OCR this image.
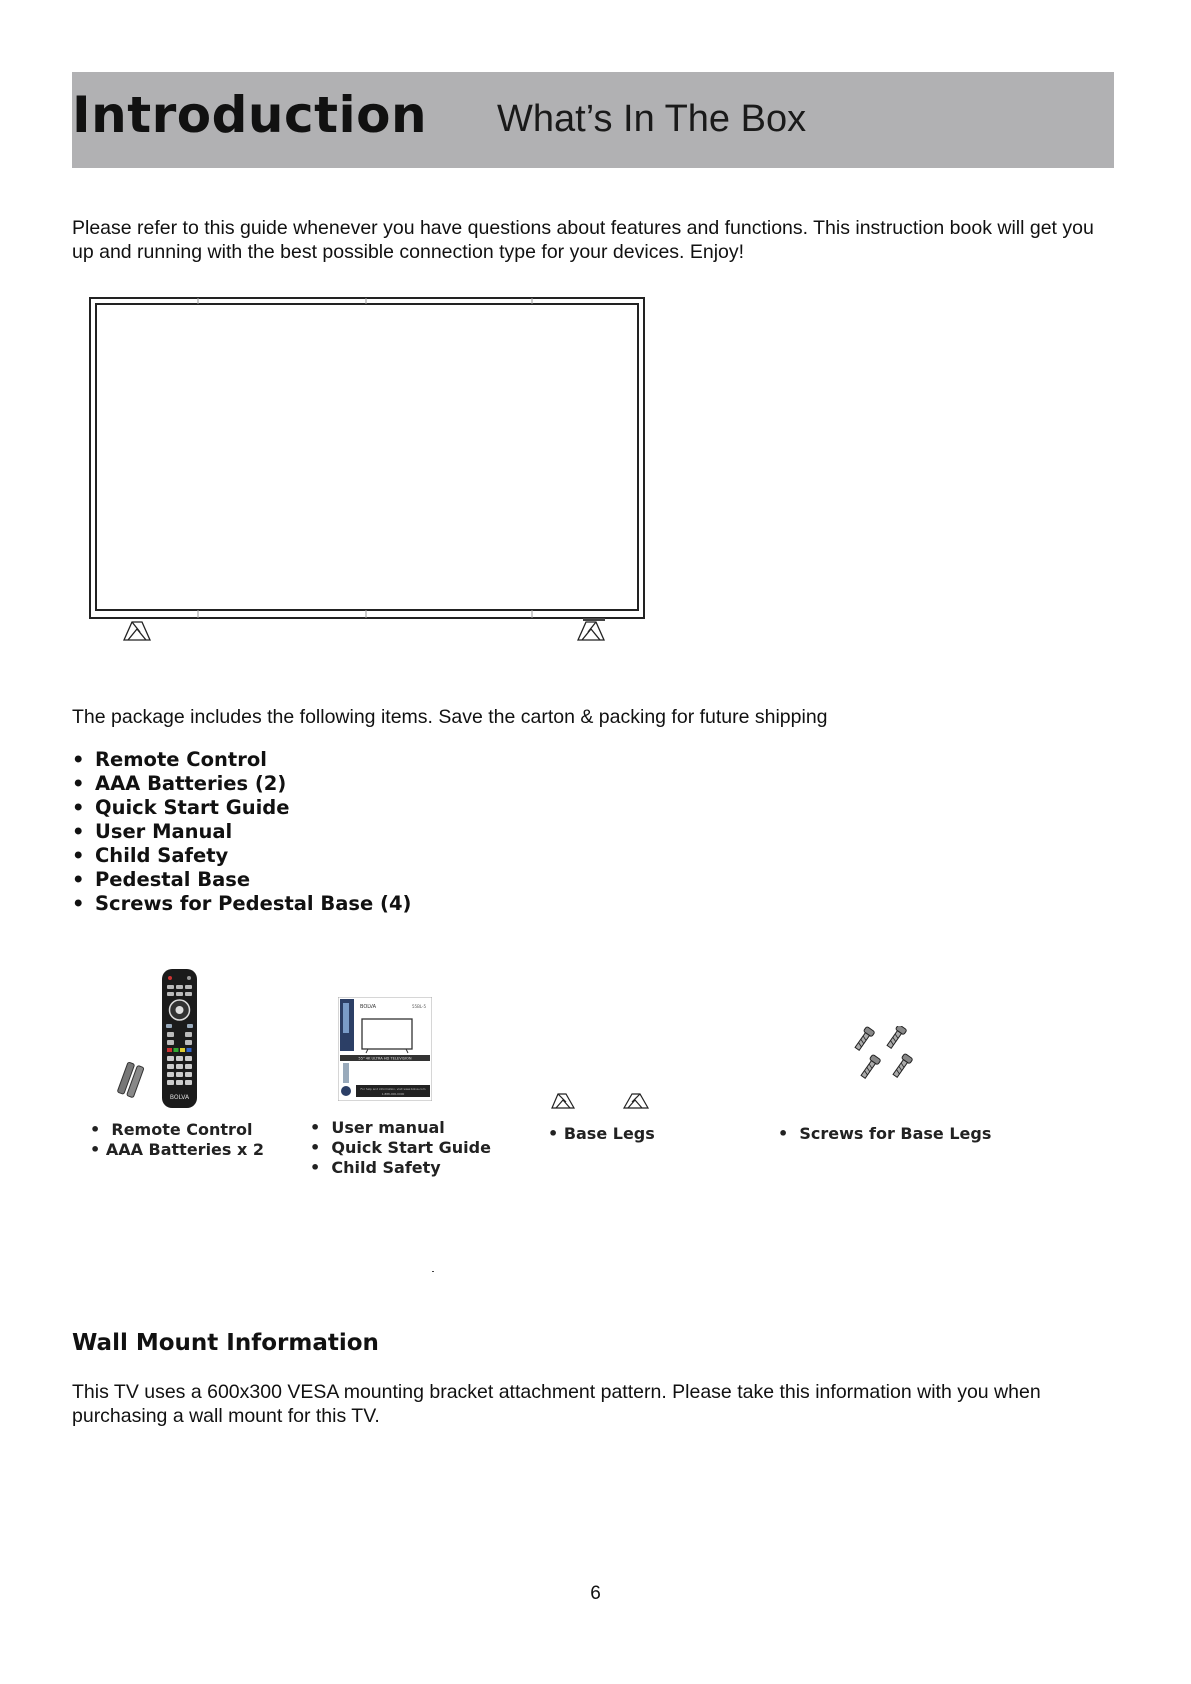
Introduction What’s In The Box
Please refer to this guide whenever you have questions about features and functions. This instruction book will get you up and running with the best possible connection type for your devices. Enjoy!
The package includes the following items. Save the carton & packing for future shipping
• Remote Control
• AAA Batteries (2)
• Quick Start Guide
• User Manual
• Child Safety
• Pedestal Base
• Screws for Pedestal Base (4)
BOLVA
• Remote Control
• AAA Batteries x 2
BOLVA	55BL-5
55" 4K ULTRA HD TELEVISION
For help and information, visit www.bolva.com
1-888-000-0000
• User manual
• Quick Start Guide
• Child Safety
• Base Legs	• Screws for Base Legs
Wall Mount Information
This TV uses a 600x300 VESA mounting bracket attachment pattern. Please take this information with you when purchasing a wall mount for this TV.
6
